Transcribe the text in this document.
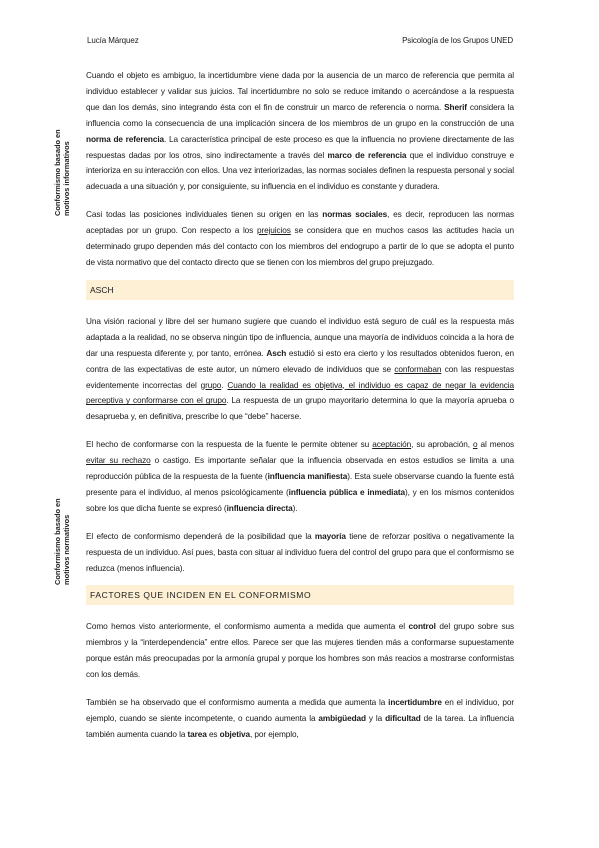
Lucía Márquez	Psicología de los Grupos UNED
Conformismo basado en motivos informativos
Conformismo basado en motivos normativos

Cuando el objeto es ambiguo, la incertidumbre viene dada por la ausencia de un marco de referencia que permita al individuo establecer y validar sus juicios. Tal incertidumbre no solo se reduce imitando o acercándose a la respuesta que dan los demás, sino integrando ésta con el fin de construir un marco de referencia o norma. Sherif considera la influencia como la consecuencia de una implicación sincera de los miembros de un grupo en la construcción de una norma de referencia. La característica principal de este proceso es que la influencia no proviene directamente de las respuestas dadas por los otros, sino indirectamente a través del marco de referencia que el individuo construye e interioriza en su interacción con ellos. Una vez interiorizadas, las normas sociales definen la respuesta personal y social adecuada a una situación y, por consiguiente, su influencia en el individuo es constante y duradera.

Casi todas las posiciones individuales tienen su origen en las normas sociales, es decir, reproducen las normas aceptadas por un grupo. Con respecto a los prejuicios se considera que en muchos casos las actitudes hacia un determinado grupo dependen más del contacto con los miembros del endogrupo a partir de lo que se adopta el punto de vista normativo que del contacto directo que se tienen con los miembros del grupo prejuzgado.

ASCH

Una visión racional y libre del ser humano sugiere que cuando el individuo está seguro de cuál es la respuesta más adaptada a la realidad, no se observa ningún tipo de influencia, aunque una mayoría de individuos coincida a la hora de dar una respuesta diferente y, por tanto, errónea. Asch estudió si esto era cierto y los resultados obtenidos fueron, en contra de las expectativas de este autor, un número elevado de individuos que se conformaban con las respuestas evidentemente incorrectas del grupo. Cuando la realidad es objetiva, el individuo es capaz de negar la evidencia perceptiva y conformarse con el grupo. La respuesta de un grupo mayoritario determina lo que la mayoría aprueba o desaprueba y, en definitiva, prescribe lo que “debe” hacerse.

El hecho de conformarse con la respuesta de la fuente le permite obtener su aceptación, su aprobación, o al menos evitar su rechazo o castigo. Es importante señalar que la influencia observada en estos estudios se limita a una reproducción pública de la respuesta de la fuente (influencia manifiesta). Esta suele observarse cuando la fuente está presente para el individuo, al menos psicológicamente (influencia pública e inmediata), y en los mismos contenidos sobre los que dicha fuente se expresó (influencia directa).

El efecto de conformismo dependerá de la posibilidad que la mayoría tiene de reforzar positiva o negativamente la respuesta de un individuo. Así pues, basta con situar al individuo fuera del control del grupo para que el conformismo se reduzca (menos influencia).

FACTORES QUE INCIDEN EN EL CONFORMISMO

Como hemos visto anteriormente, el conformismo aumenta a medida que aumenta el control del grupo sobre sus miembros y la “interdependencia” entre ellos. Parece ser que las mujeres tienden más a conformarse supuestamente porque están más preocupadas por la armonía grupal y porque los hombres son más reacios a mostrarse conformistas con los demás.

También se ha observado que el conformismo aumenta a medida que aumenta la incertidumbre en el individuo, por ejemplo, cuando se siente incompetente, o cuando aumenta la ambigüedad y la dificultad de la tarea. La influencia también aumenta cuando la tarea es objetiva, por ejemplo,
